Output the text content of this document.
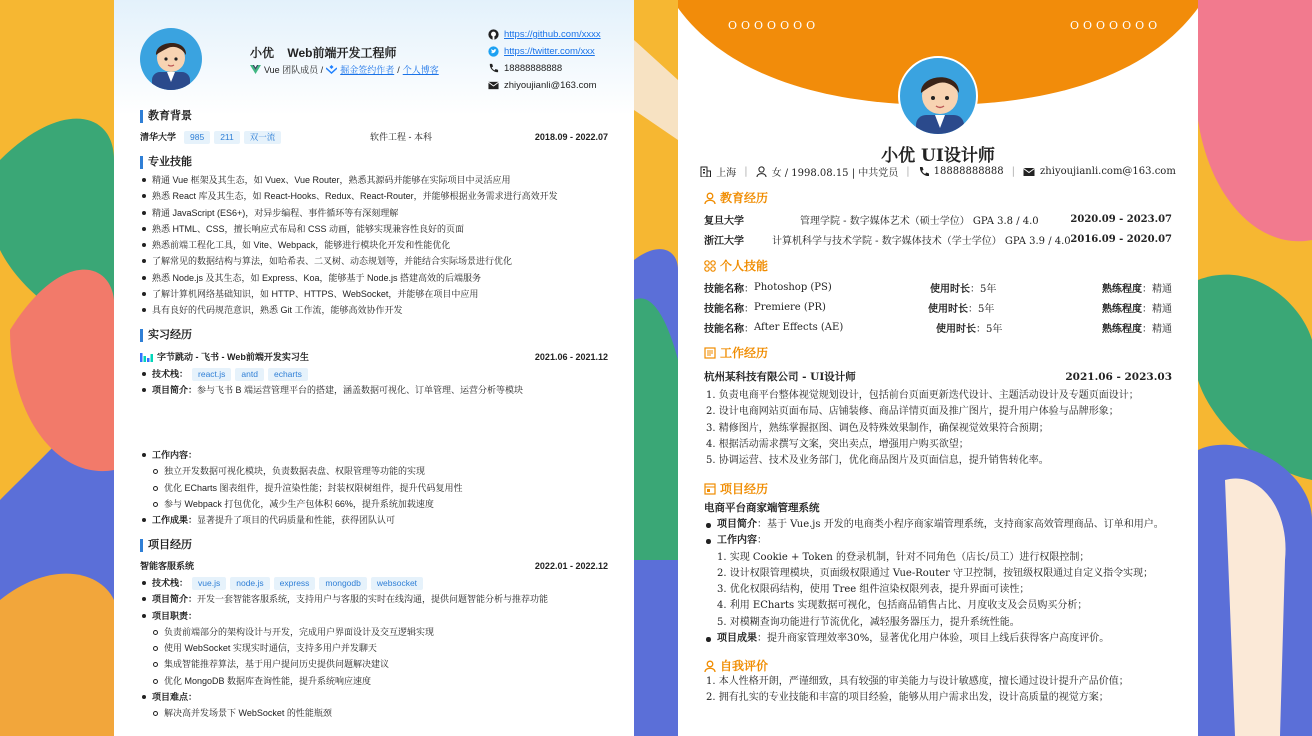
小优    Web前端开发工程师
Vue 团队成员 / 掘金签约作者 / 个人博客
https://github.com/xxxx
https://twitter.com/xxx
18888888888
zhiyoujianli@163.com
教育背景
清华大学	985 211 双一流	软件工程 - 本科	2018.09 - 2022.07
专业技能
精通 Vue 框架及其生态，如 Vuex、Vue Router，熟悉其源码并能够在实际项目中灵活应用
熟悉 React 库及其生态，如 React-Hooks、Redux、React-Router，并能够根据业务需求进行高效开发
精通 JavaScript (ES6+)，对异步编程、事件循环等有深刻理解
熟悉 HTML、CSS，擅长响应式布局和 CSS 动画，能够实现兼容性良好的页面
熟悉前端工程化工具，如 Vite、Webpack，能够进行模块化开发和性能优化
了解常见的数据结构与算法，如哈希表、二叉树、动态规划等，并能结合实际场景进行优化
熟悉 Node.js 及其生态，如 Express、Koa，能够基于 Node.js 搭建高效的后端服务
了解计算机网络基础知识，如 HTTP、HTTPS、WebSocket，并能够在项目中应用
具有良好的代码规范意识，熟悉 Git 工作流，能够高效协作开发
实习经历
字节跳动 - 飞书 - Web前端开发实习生	2021.06 - 2021.12
技术栈： react.js antd echarts
项目简介：参与飞书 B 端运营管理平台的搭建，涵盖数据可视化、订单管理、运营分析等模块
工作内容：
独立开发数据可视化模块，负责数据表盘、权限管理等功能的实现
优化 ECharts 图表组件，提升渲染性能；封装权限树组件，提升代码复用性
参与 Webpack 打包优化，减少生产包体积 66%，提升系统加载速度
工作成果：显著提升了项目的代码质量和性能，获得团队认可
项目经历
智能客服系统	2022.01 - 2022.12
技术栈： vue.js node.js express mongodb websocket
项目简介：开发一套智能客服系统，支持用户与客服的实时在线沟通，提供问题智能分析与推荐功能
项目职责：
负责前端部分的架构设计与开发，完成用户界面设计及交互逻辑实现
使用 WebSocket 实现实时通信，支持多用户并发聊天
集成智能推荐算法，基于用户提问历史提供问题解决建议
优化 MongoDB 数据库查询性能，提升系统响应速度
项目难点：
解决高并发场景下 WebSocket 的性能瓶颈
OOOOOOO	OOOOOOO
小优 UI设计师
上海 | 女 / 1998.08.15 | 中共党员 | 18888888888 |	zhiyoujianli.com@163.com
教育经历
复旦大学	管理学院 - 数字媒体艺术（硕士学位） GPA 3.8 / 4.0	2020.09 - 2023.07
浙江大学	计算机科学与技术学院 - 数字媒体技术（学士学位） GPA 3.9 / 4.0 2016.09 - 2020.07
个人技能
技能名称 ： Photoshop (PS)	使用时长：5年	熟练程度：精通
技能名称 ： Premiere (PR)	使用时长：5年	熟练程度：精通
技能名称 ： After Effects (AE)	使用时长：5年	熟练程度：精通
工作经历
杭州某科技有限公司 - UI设计师	2021.06 - 2023.03
1. 负责电商平台整体视觉规划设计，包括前台页面更新迭代设计、主题活动设计及专题页面设计；
2. 设计电商网站页面布局、店铺装修、商品详情页面及推广图片，提升用户体验与品牌形象；
3. 精修图片，熟练掌握抠图、调色及特殊效果制作，确保视觉效果符合预期；
4. 根据活动需求撰写文案，突出卖点，增强用户购买欲望；
5. 协调运营、技术及业务部门，优化商品图片及页面信息，提升销售转化率。
项目经历
电商平台商家端管理系统
项目简介：基于 Vue.js 开发的电商类小程序商家端管理系统，支持商家高效管理商品、订单和用户。
工作内容：
1. 实现 Cookie + Token 的登录机制，针对不同角色（店长/员工）进行权限控制；
2. 设计权限管理模块，页面级权限通过 Vue-Router 守卫控制，按钮级权限通过自定义指令实现；
3. 优化权限码结构，使用 Tree 组件渲染权限列表，提升界面可读性；
4. 利用 ECharts 实现数据可视化，包括商品销售占比、月度收支及会员购买分析；
5. 对模糊查询功能进行节流优化，减轻服务器压力，提升系统性能。
项目成果：提升商家管理效率30%，显著优化用户体验，项目上线后获得客户高度评价。
自我评价
1. 本人性格开朗，严谨细致，具有较强的审美能力与设计敏感度，擅长通过设计提升产品价值；
2. 拥有扎实的专业技能和丰富的项目经验，能够从用户需求出发，设计高质量的视觉方案；
